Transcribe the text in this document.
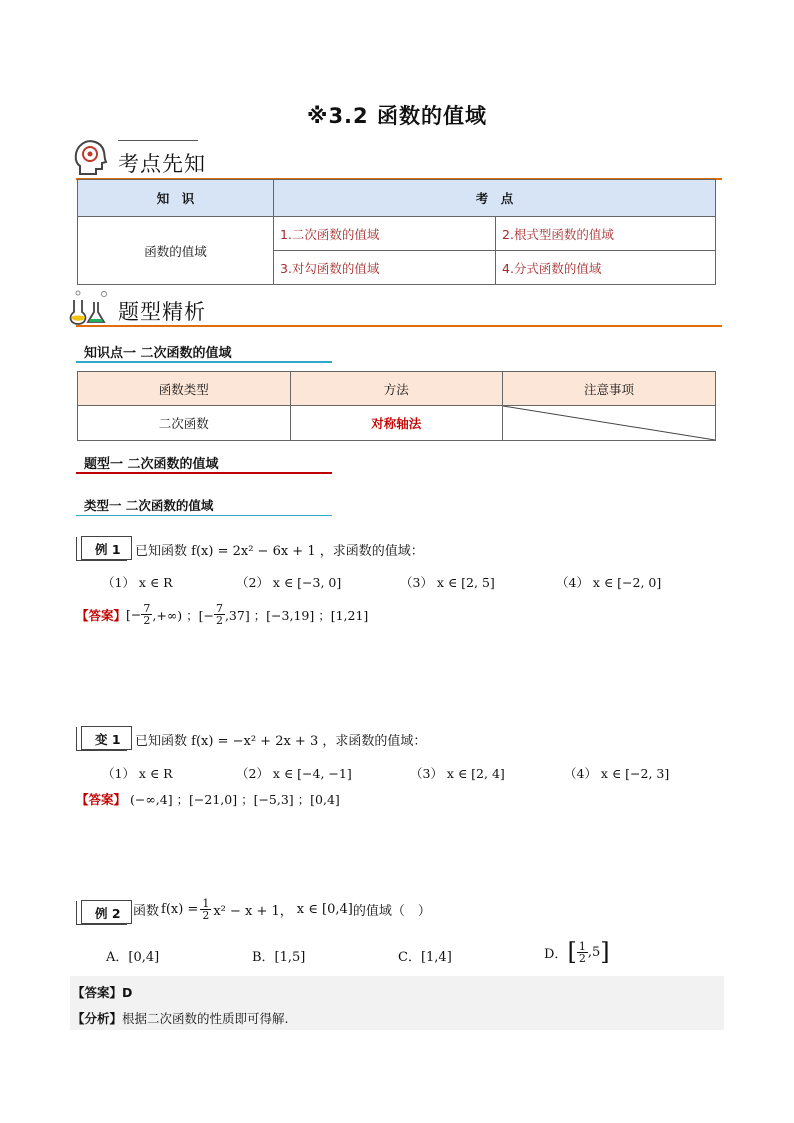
※3.2 函数的值域
考点先知
知　识	考　点	
函数的值域	1.二次函数的值域	2.根式型函数的值域
	3.对勾函数的值域	4.分式函数的值域
题型精析
知识点一 二次函数的值域
函数类型	方法	注意事项
二次函数	对称轴法	
题型一 二次函数的值域
类型一 二次函数的值域
例 1 已知函数 f(x) = 2x² − 6x + 1 ，求函数的值域：
（1） x ∈ R	（2） x ∈ [−3, 0]	（3） x ∈ [2, 5]	（4） x ∈ [−2, 0]
【答案】 [− $\frac{7}{2}$ ,+∞) ；[− $\frac{7}{2} ,37$] ；[−3,19] ；[1,21]
变 1 已知函数 f(x) = −x² + 2x + 3 ，求函数的值域：
（1） x ∈ R	（2） x ∈ [−4, −1]	（3） x ∈ [2, 4]	（4） x ∈ [−2, 3]
【答案】 (−∞,4] ；[−21,0] ；[−5,3] ；[0,4]
例 2 函数 $f(x) = \frac{1}{2} x^2 - x + 1$， x ∈ [0,4] 的值域（　）
A．[0,4]	B．[1,5]	C．[1,4]	D． [ $\frac{1}{2} ,5$ ]
【答案】D
【分析】根据二次函数的性质即可得解.
